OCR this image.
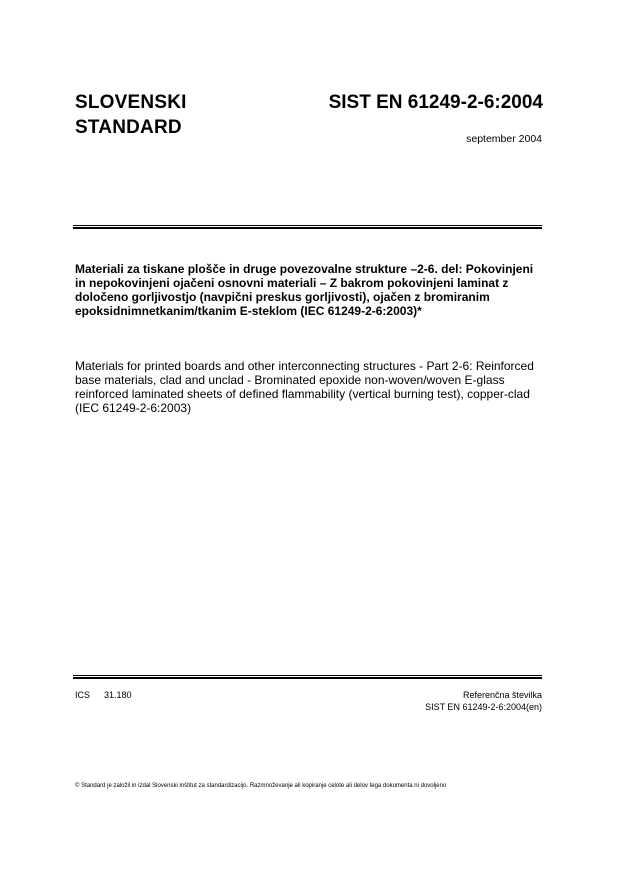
SLOVENSKI
STANDARD
SIST EN 61249-2-6:2004
september 2004
Materiali za tiskane plošče in druge povezovalne strukture –2-6. del: Pokovinjeni in nepokovinjeni ojačeni osnovni materiali – Z bakrom pokovinjeni laminat z določeno gorljivostjo (navpični preskus gorljivosti), ojačen z bromiranim epoksidnimnetkanim/tkanim E-steklom (IEC 61249-2-6:2003)*
Materials for printed boards and other interconnecting structures - Part 2-6: Reinforced base materials, clad and unclad - Brominated epoxide non-woven/woven E-glass reinforced laminated sheets of defined flammability (vertical burning test), copper-clad (IEC 61249-2-6:2003)
ICS 31.180	Referenčna številka
SIST EN 61249-2-6:2004(en)
© Standard je založil in izdal Slovenski inštitut za standardizacijo. Razmnoževanje ali kopiranje celote ali delov tega dokumenta ni dovoljeno
